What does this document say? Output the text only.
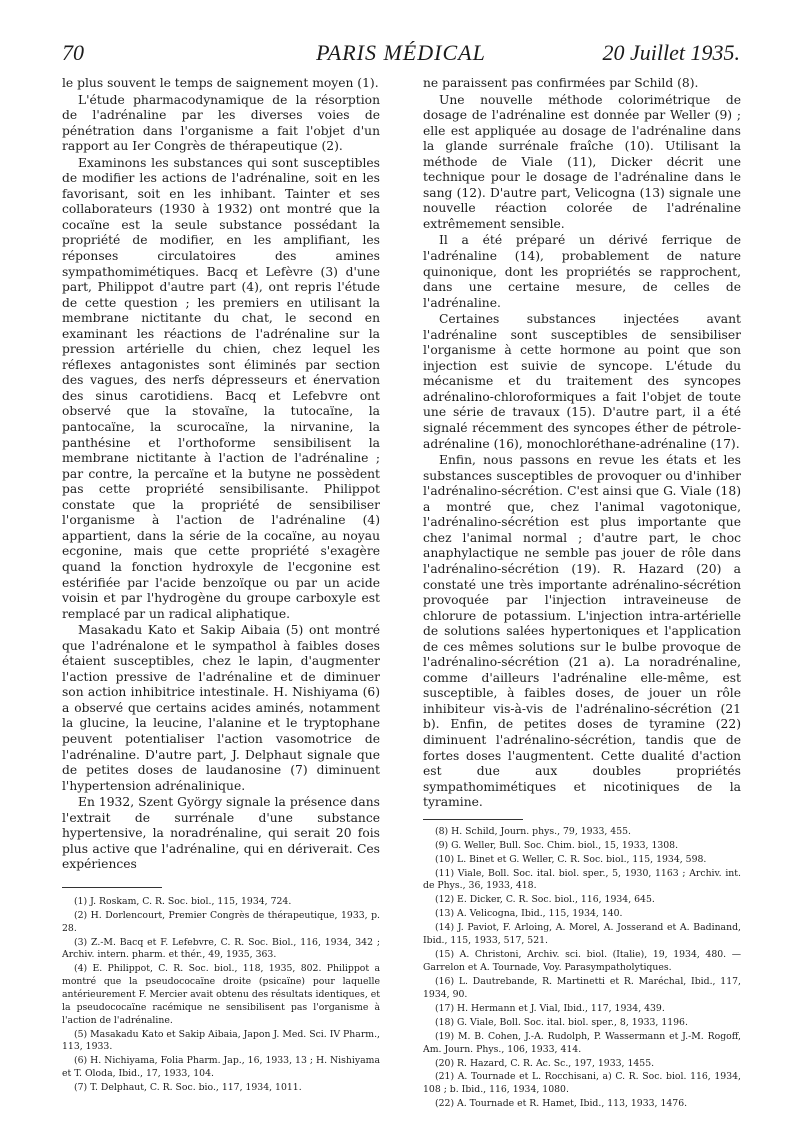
70	PARIS MÉDICAL	20 Juillet 1935.

le plus souvent le temps de saignement moyen (1).

L'étude pharmacodynamique de la résorption de l'adrénaline par les diverses voies de pénétration dans l'organisme a fait l'objet d'un rapport au Ier Congrès de thérapeutique (2).

Examinons les substances qui sont susceptibles de modifier les actions de l'adrénaline, soit en les favorisant, soit en les inhibant. Tainter et ses collaborateurs (1930 à 1932) ont montré que la cocaïne est la seule substance possédant la propriété de modifier, en les amplifiant, les réponses circulatoires des amines sympathomimétiques. Bacq et Lefèvre (3) d'une part, Philippot d'autre part (4), ont repris l'étude de cette question ; les premiers en utilisant la membrane nictitante du chat, le second en examinant les réactions de l'adrénaline sur la pression artérielle du chien, chez lequel les réflexes antagonistes sont éliminés par section des vagues, des nerfs dépresseurs et énervation des sinus carotidiens. Bacq et Lefebvre ont observé que la stovaïne, la tutocaïne, la pantocaïne, la scurocaïne, la nirvanine, la panthésine et l'orthoforme sensibilisent la membrane nictitante à l'action de l'adrénaline ; par contre, la percaïne et la butyne ne possèdent pas cette propriété sensibilisante. Philippot constate que la propriété de sensibiliser l'organisme à l'action de l'adrénaline (4) appartient, dans la série de la cocaïne, au noyau ecgonine, mais que cette propriété s'exagère quand la fonction hydroxyle de l'ecgonine est estérifiée par l'acide benzoïque ou par un acide voisin et par l'hydrogène du groupe carboxyle est remplacé par un radical aliphatique.

Masakadu Kato et Sakip Aibaia (5) ont montré que l'adrénalone et le sympathol à faibles doses étaient susceptibles, chez le lapin, d'augmenter l'action pressive de l'adrénaline et de diminuer son action inhibitrice intestinale. H. Nishiyama (6) a observé que certains acides aminés, notamment la glucine, la leucine, l'alanine et le tryptophane peuvent potentialiser l'action vasomotrice de l'adrénaline. D'autre part, J. Delphaut signale que de petites doses de laudanosine (7) diminuent l'hypertension adrénalinique.

En 1932, Szent György signale la présence dans l'extrait de surrénale d'une substance hypertensive, la noradrénaline, qui serait 20 fois plus active que l'adrénaline, qui en dériverait. Ces expériences

(1) J. Roskam, C. R. Soc. biol., 115, 1934, 724.
(2) H. Dorlencourt, Premier Congrès de thérapeutique, 1933, p. 28.
(3) Z.-M. Bacq et F. Lefebvre, C. R. Soc. Biol., 116, 1934, 342 ; Archiv. intern. pharm. et thér., 49, 1935, 363.
(4) E. Philippot, C. R. Soc. biol., 118, 1935, 802. Philippot a montré que la pseudococaïne droite (psicaïne) pour laquelle antérieurement F. Mercier avait obtenu des résultats identiques, et la pseudococaïne racémique ne sensibilisent pas l'organisme à l'action de l'adrénaline.
(5) Masakadu Kato et Sakip Aibaia, Japon J. Med. Sci. IV Pharm., 113, 1933.
(6) H. Nichiyama, Folia Pharm. Jap., 16, 1933, 13 ; H. Nishiyama et T. Oloda, Ibid., 17, 1933, 104.
(7) T. Delphaut, C. R. Soc. bio., 117, 1934, 1011.

ne paraissent pas confirmées par Schild (8).

Une nouvelle méthode colorimétrique de dosage de l'adrénaline est donnée par Weller (9) ; elle est appliquée au dosage de l'adrénaline dans la glande surrénale fraîche (10). Utilisant la méthode de Viale (11), Dicker décrit une technique pour le dosage de l'adrénaline dans le sang (12). D'autre part, Velicogna (13) signale une nouvelle réaction colorée de l'adrénaline extrêmement sensible.

Il a été préparé un dérivé ferrique de l'adrénaline (14), probablement de nature quinonique, dont les propriétés se rapprochent, dans une certaine mesure, de celles de l'adrénaline.

Certaines substances injectées avant l'adrénaline sont susceptibles de sensibiliser l'organisme à cette hormone au point que son injection est suivie de syncope. L'étude du mécanisme et du traitement des syncopes adrénalino-chloroformiques a fait l'objet de toute une série de travaux (15). D'autre part, il a été signalé récemment des syncopes éther de pétrole-adrénaline (16), monochloréthane-adrénaline (17).

Enfin, nous passons en revue les états et les substances susceptibles de provoquer ou d'inhiber l'adrénalino-sécrétion. C'est ainsi que G. Viale (18) a montré que, chez l'animal vagotonique, l'adrénalino-sécrétion est plus importante que chez l'animal normal ; d'autre part, le choc anaphylactique ne semble pas jouer de rôle dans l'adrénalino-sécrétion (19). R. Hazard (20) a constaté une très importante adrénalino-sécrétion provoquée par l'injection intraveineuse de chlorure de potassium. L'injection intra-artérielle de solutions salées hypertoniques et l'application de ces mêmes solutions sur le bulbe provoque de l'adrénalino-sécrétion (21 a). La noradrénaline, comme d'ailleurs l'adrénaline elle-même, est susceptible, à faibles doses, de jouer un rôle inhibiteur vis-à-vis de l'adrénalino-sécrétion (21 b). Enfin, de petites doses de tyramine (22) diminuent l'adrénalino-sécrétion, tandis que de fortes doses l'augmentent. Cette dualité d'action est due aux doubles propriétés sympathomimétiques et nicotiniques de la tyramine.

(8) H. Schild, Journ. phys., 79, 1933, 455.
(9) G. Weller, Bull. Soc. Chim. biol., 15, 1933, 1308.
(10) L. Binet et G. Weller, C. R. Soc. biol., 115, 1934, 598.
(11) Viale, Boll. Soc. ital. biol. sper., 5, 1930, 1163 ; Archiv. int. de Phys., 36, 1933, 418.
(12) E. Dicker, C. R. Soc. biol., 116, 1934, 645.
(13) A. Velicogna, Ibid., 115, 1934, 140.
(14) J. Paviot, F. Arloing, A. Morel, A. Josserand et A. Badinand, Ibid., 115, 1933, 517, 521.
(15) A. Christoni, Archiv. sci. biol. (Italie), 19, 1934, 480. — Garrelon et A. Tournade, Voy. Parasympatholytiques.
(16) L. Dautrebande, R. Martinetti et R. Maréchal, Ibid., 117, 1934, 90.
(17) H. Hermann et J. Vial, Ibid., 117, 1934, 439.
(18) G. Viale, Boll. Soc. ital. biol. sper., 8, 1933, 1196.
(19) M. B. Cohen, J.-A. Rudolph, P. Wassermann et J.-M. Rogoff, Am. Journ. Phys., 106, 1933, 414.
(20) R. Hazard, C. R. Ac. Sc., 197, 1933, 1455.
(21) A. Tournade et L. Rocchisani, a) C. R. Soc. biol. 116, 1934, 108 ; b. Ibid., 116, 1934, 1080.
(22) A. Tournade et R. Hamet, Ibid., 113, 1933, 1476.
